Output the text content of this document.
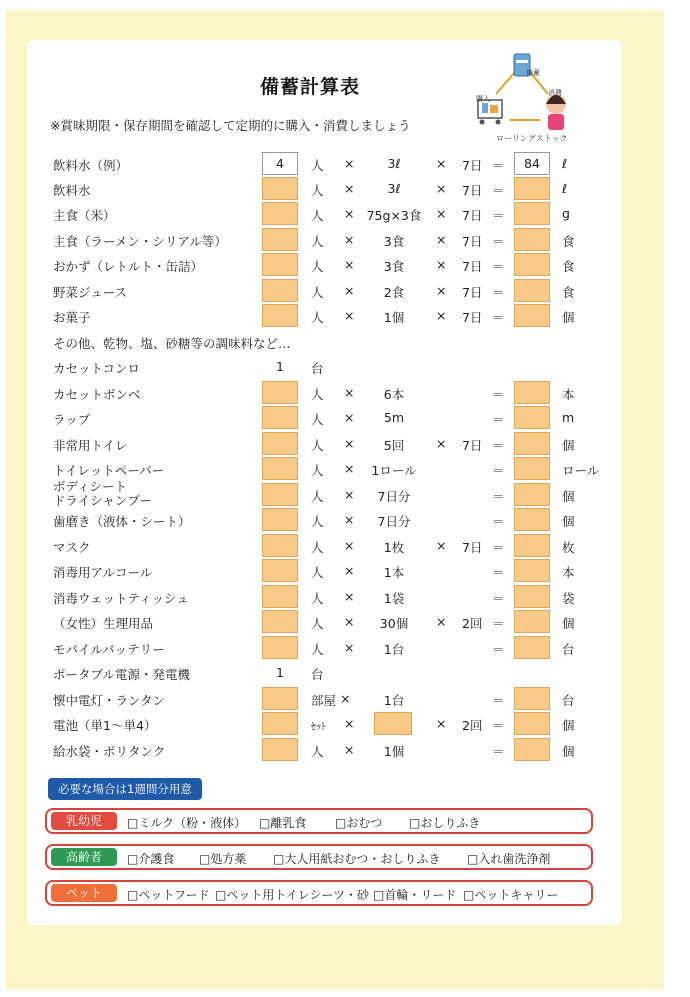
備蓄計算表
※賞味期限・保存期間を確認して定期的に購入・消費しましょう
備蓄
消費
購入
ローリングストック
飲料水（例）	4	人 ×	3ℓ	× 7日 ＝	84	ℓ
飲料水	人 ×	3ℓ	× 7日 ＝	ℓ
主食（米）	人 × 75g×3食	× 7日 ＝	g
主食（ラーメン・シリアル等）	人 ×	3食	× 7日 ＝	食
おかず（レトルト・缶詰）	人 ×	3食	× 7日 ＝	食
野菜ジュース	人 ×	2食	× 7日 ＝	食
お菓子	人 ×	1個	× 7日 ＝	個
その他、乾物、塩、砂糖等の調味料など…
カセットコンロ	1 台
カセットボンベ	人 ×	6本	＝	本
ラップ	人 ×	5m	＝	m
非常用トイレ	人 ×	5回	× 7日 ＝	個
トイレットペーパー	人 ×	1ロール	＝	ロール
ボディシート
ドライシャンプー	人 ×	7日分	＝	個
歯磨き（液体・シート）	人 ×	7日分	＝	個
マスク	人 ×	1枚	× 7日 ＝	枚
消毒用アルコール	人 ×	1本	＝	本
消毒ウェットティッシュ	人 ×	1袋	＝	袋
（女性）生理用品	人 ×	30個	× 2回 ＝	個
モバイルバッテリー	人 ×	1台	＝	台
ポータブル電源・発電機	1 台
懐中電灯・ランタン	部屋 ×	1台	＝	台
電池（単1～単4）	ｾｯﾄ ×	× 2回 ＝	個
給水袋・ポリタンク	人 ×	1個	＝	個
必要な場合は1週間分用意
乳幼児	□ミルク（粉・液体） □離乳食 □おむつ □おしりふき
高齢者	□介護食 □処方薬 □大人用紙おむつ・おしりふき □入れ歯洗浄剤
ペット	□ペットフード □ペット用トイレシーツ・砂 □首輪・リード □ペットキャリー
